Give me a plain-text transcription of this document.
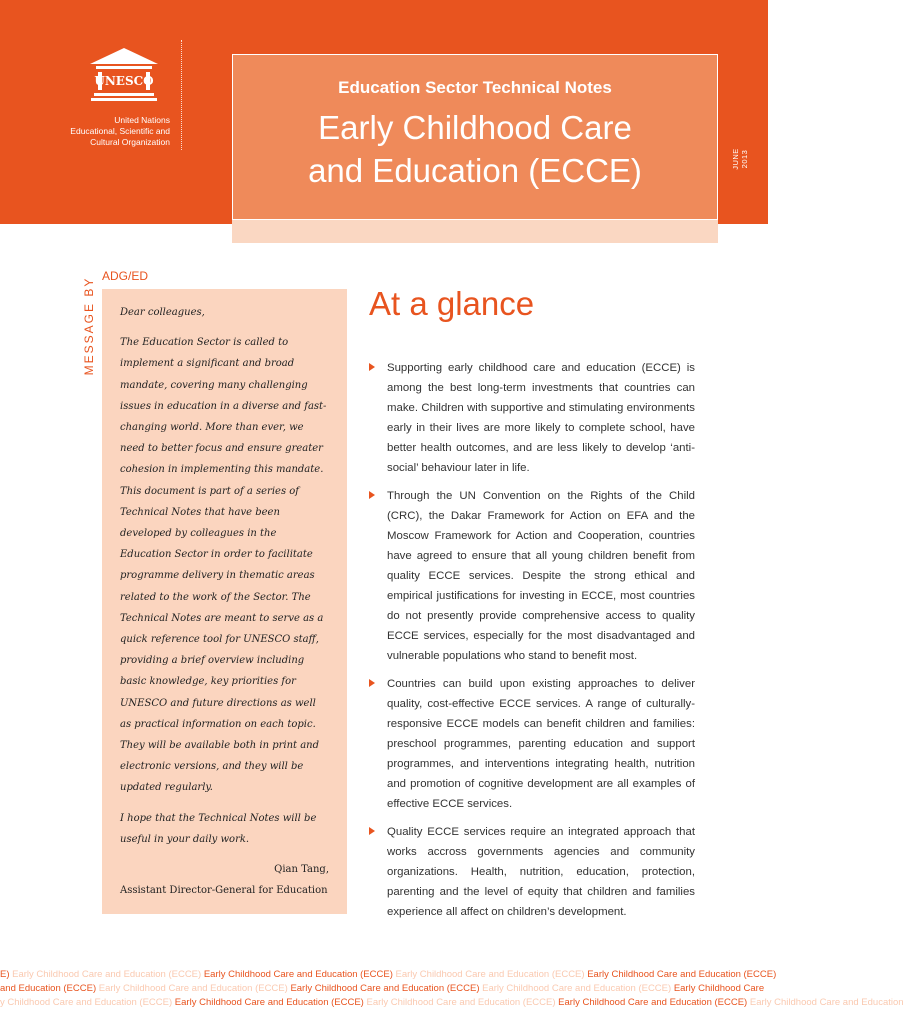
UNESCO
United Nations
Educational, Scientific and
Cultural Organization
Education Sector Technical Notes
Early Childhood Care
and Education (ECCE)	JUNE 2013
ADG/ED
MESSAGE BY Dear colleagues,

The Education Sector is called to implement a significant and broad mandate, covering many challenging issues in education in a diverse and fast-changing world. More than ever, we need to better focus and ensure greater cohesion in implementing this mandate. This document is part of a series of Technical Notes that have been developed by colleagues in the Education Sector in order to facilitate programme delivery in thematic areas related to the work of the Sector. The Technical Notes are meant to serve as a quick reference tool for UNESCO staff, providing a brief overview including basic knowledge, key priorities for UNESCO and future directions as well as practical information on each topic. They will be available both in print and electronic versions, and they will be updated regularly.

I hope that the Technical Notes will be useful in your daily work.

Qian Tang,
Assistant Director-General for Education
At a glance
Supporting early childhood care and education (ECCE) is among the best long-term investments that countries can make. Children with supportive and stimulating environments early in their lives are more likely to complete school, have better health outcomes, and are less likely to develop ‘anti-social’ behaviour later in life.
Through the UN Convention on the Rights of the Child (CRC), the Dakar Framework for Action on EFA and the Moscow Framework for Action and Cooperation, countries have agreed to ensure that all young children benefit from quality ECCE services. Despite the strong ethical and empirical justifications for investing in ECCE, most countries do not presently provide comprehensive access to quality ECCE services, especially for the most disadvantaged and vulnerable populations who stand to benefit most.
Countries can build upon existing approaches to deliver quality, cost-effective ECCE services. A range of culturally-responsive ECCE models can benefit children and families: preschool programmes, parenting education and support programmes, and interventions integrating health, nutrition and promotion of cognitive development are all examples of effective ECCE services.
Quality ECCE services require an integrated approach that works accross governments agencies and community organizations. Health, nutrition, education, protection, parenting and the level of equity that children and families experience all affect on children’s development.
E) Early Childhood Care and Education (ECCE) Early Childhood Care and Education (ECCE) Early Childhood Care and Education (ECCE) Early Childhood Care and Education (ECCE)
and Education (ECCE) Early Childhood Care and Education (ECCE) Early Childhood Care and Education (ECCE) Early Childhood Care and Education (ECCE) Early Childhood Care
y Childhood Care and Education (ECCE) Early Childhood Care and Education (ECCE) Early Childhood Care and Education (ECCE) Early Childhood Care and Education (ECCE) Early Childhood Care and Education
